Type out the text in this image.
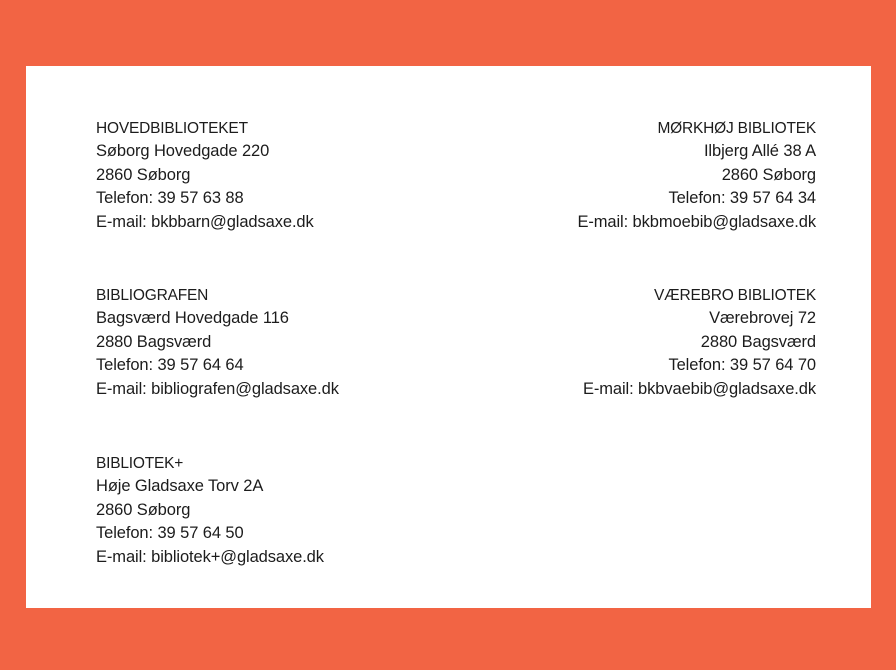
HOVEDBIBLIOTEKET
Søborg Hovedgade 220
2860 Søborg
Telefon: 39 57 63 88
E-mail: bkbbarn@gladsaxe.dk
MØRKHØJ BIBLIOTEK
Ilbjerg Allé 38 A
2860 Søborg
Telefon: 39 57 64 34
E-mail: bkbmoebib@gladsaxe.dk
BIBLIOGRAFEN
Bagsværd Hovedgade 116
2880 Bagsværd
Telefon: 39 57 64 64
E-mail: bibliografen@gladsaxe.dk
VÆREBRO BIBLIOTEK
Værebrovej 72
2880 Bagsværd
Telefon: 39 57 64 70
E-mail: bkbvaebib@gladsaxe.dk
BIBLIOTEK+
Høje Gladsaxe Torv 2A
2860 Søborg
Telefon: 39 57 64 50
E-mail: bibliotek+@gladsaxe.dk
